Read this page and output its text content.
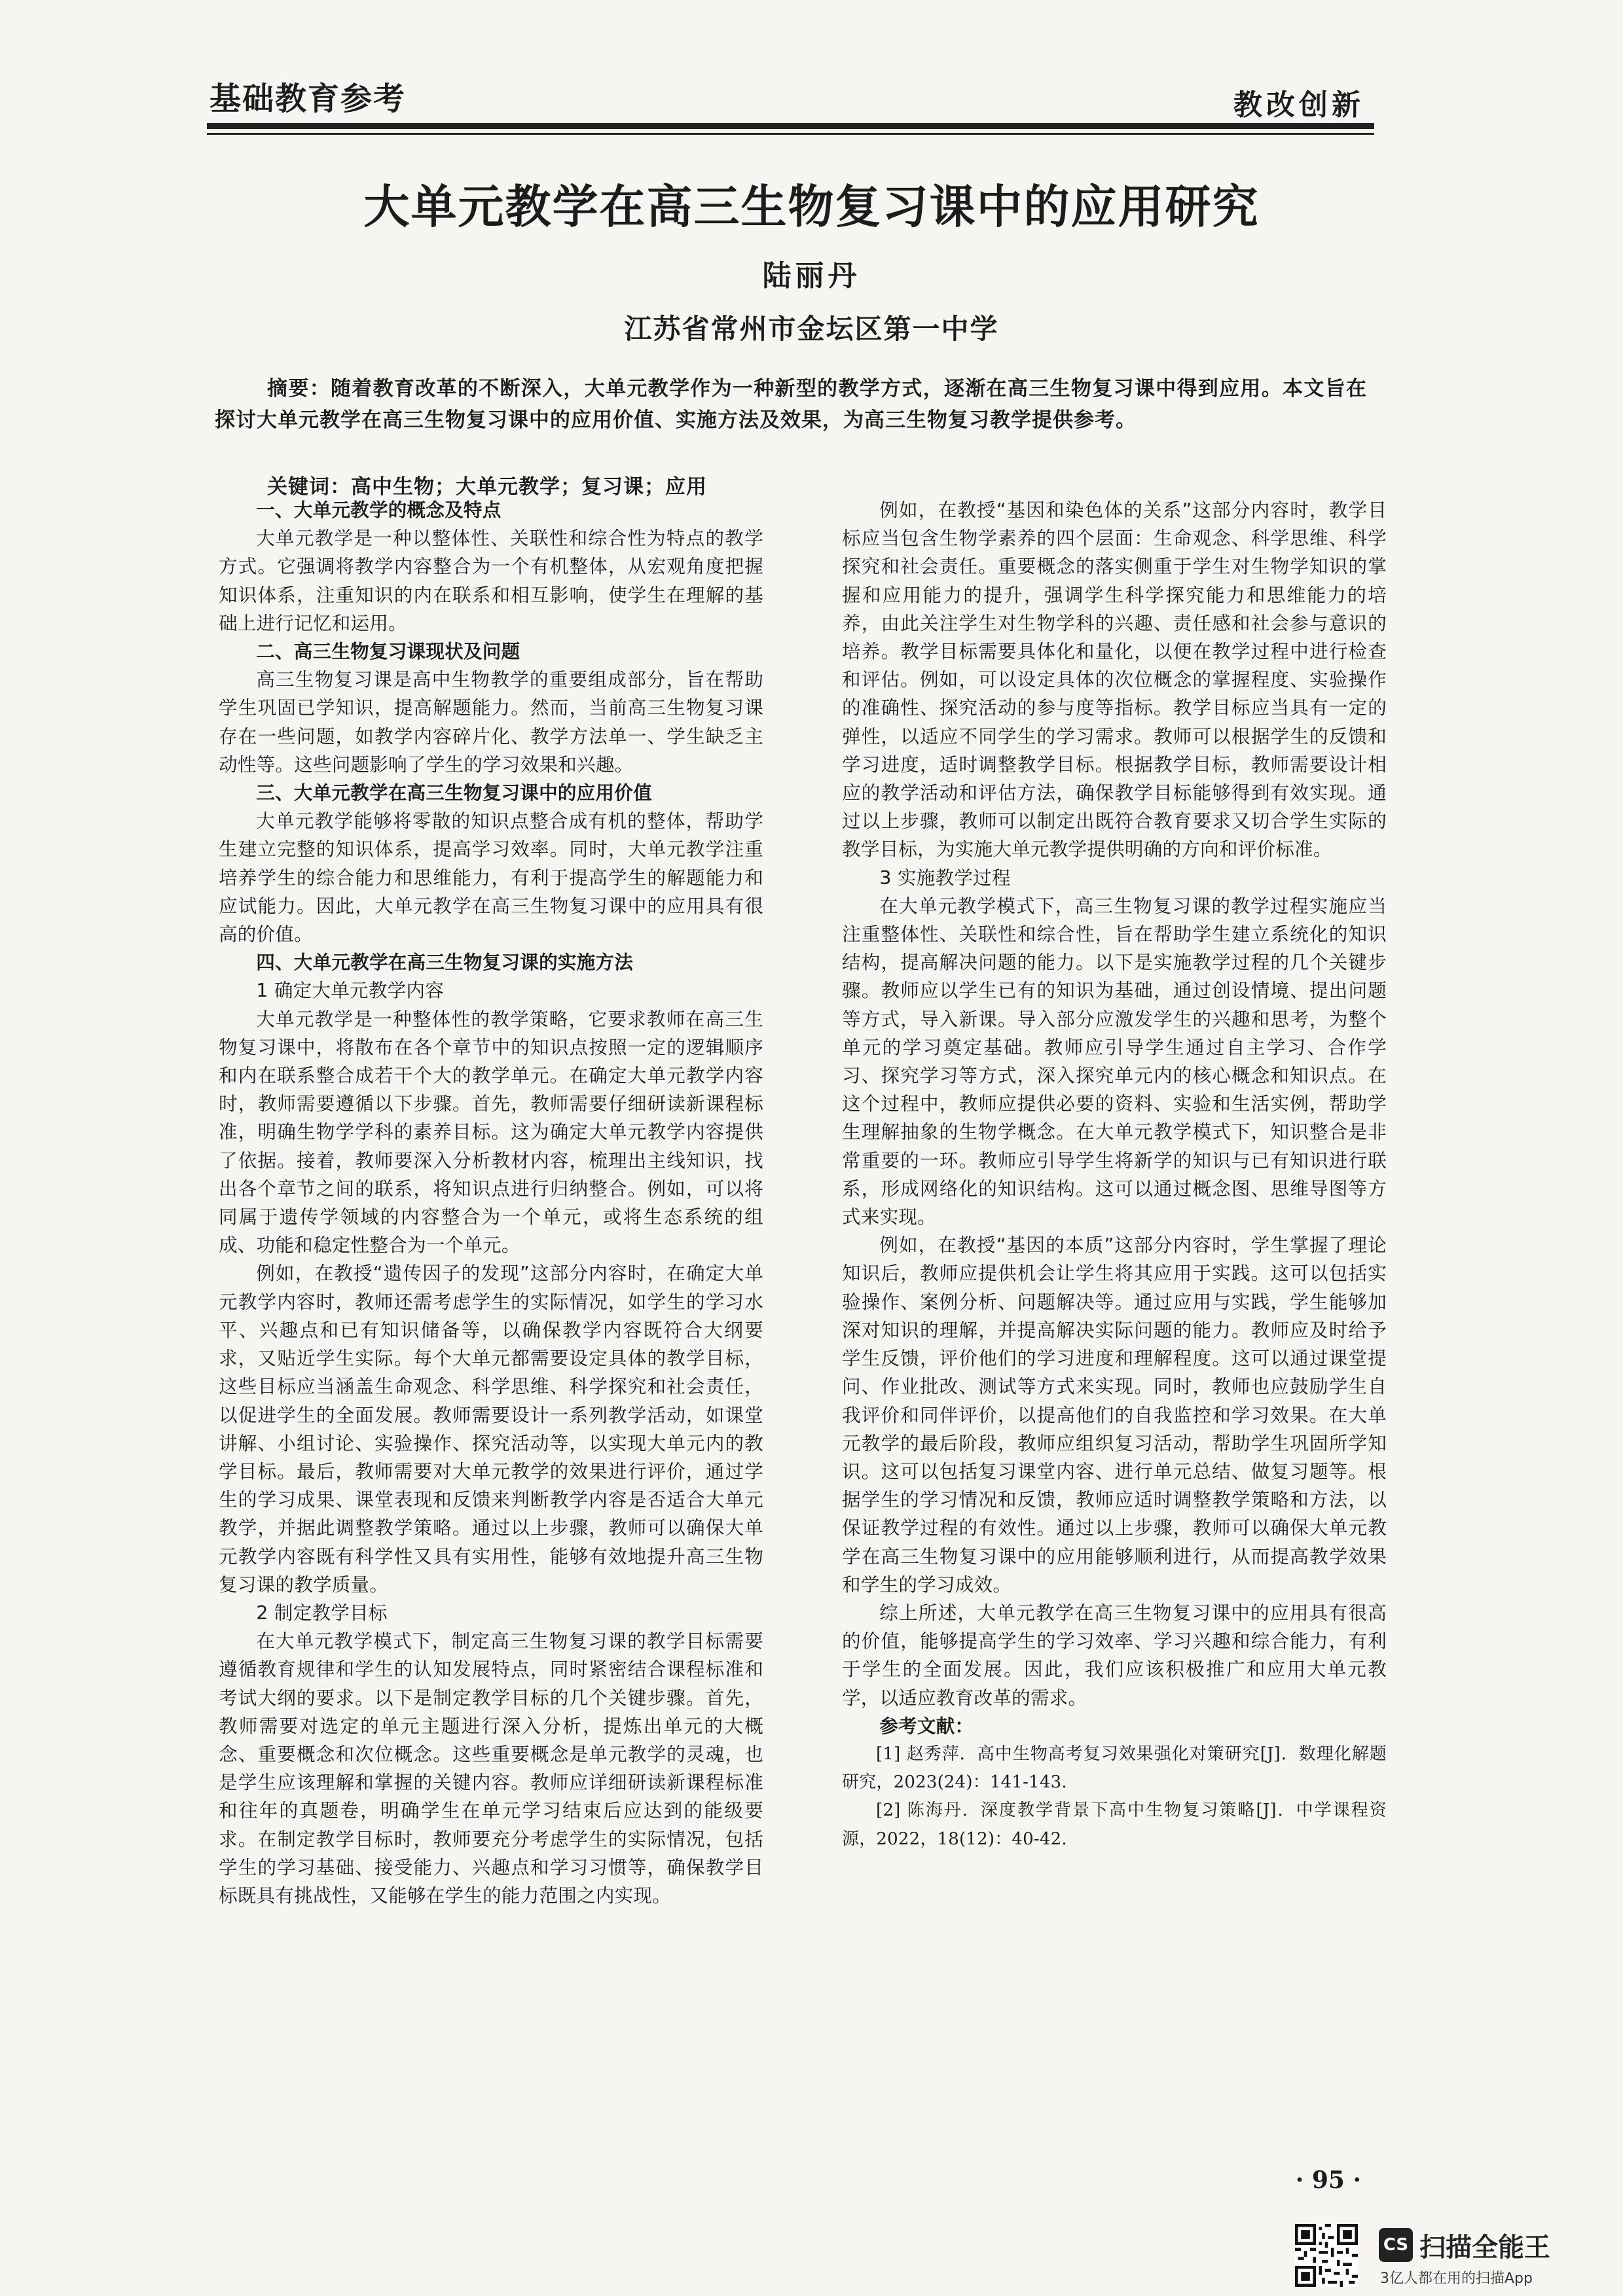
基础教育参考	教改创新
大单元教学在高三生物复习课中的应用研究
陆丽丹
江苏省常州市金坛区第一中学
摘要：随着教育改革的不断深入，大单元教学作为一种新型的教学方式，逐渐在高三生物复习课中得到应用。本文旨在探讨大单元教学在高三生物复习课中的应用价值、实施方法及效果，为高三生物复习教学提供参考。
关键词：高中生物；大单元教学；复习课；应用

一、大单元教学的概念及特点

大单元教学是一种以整体性、关联性和综合性为特点的教学方式。它强调将教学内容整合为一个有机整体，从宏观角度把握知识体系，注重知识的内在联系和相互影响，使学生在理解的基础上进行记忆和运用。

二、高三生物复习课现状及问题

高三生物复习课是高中生物教学的重要组成部分，旨在帮助学生巩固已学知识，提高解题能力。然而，当前高三生物复习课存在一些问题，如教学内容碎片化、教学方法单一、学生缺乏主动性等。这些问题影响了学生的学习效果和兴趣。

三、大单元教学在高三生物复习课中的应用价值

大单元教学能够将零散的知识点整合成有机的整体，帮助学生建立完整的知识体系，提高学习效率。同时，大单元教学注重培养学生的综合能力和思维能力，有利于提高学生的解题能力和应试能力。因此，大单元教学在高三生物复习课中的应用具有很高的价值。

四、大单元教学在高三生物复习课的实施方法

1 确定大单元教学内容

大单元教学是一种整体性的教学策略，它要求教师在高三生物复习课中，将散布在各个章节中的知识点按照一定的逻辑顺序和内在联系整合成若干个大的教学单元。在确定大单元教学内容时，教师需要遵循以下步骤。首先，教师需要仔细研读新课程标准，明确生物学学科的素养目标。这为确定大单元教学内容提供了依据。接着，教师要深入分析教材内容，梳理出主线知识，找出各个章节之间的联系，将知识点进行归纳整合。例如，可以将同属于遗传学领域的内容整合为一个单元，或将生态系统的组成、功能和稳定性整合为一个单元。

例如，在教授“遗传因子的发现”这部分内容时，在确定大单元教学内容时，教师还需考虑学生的实际情况，如学生的学习水平、兴趣点和已有知识储备等，以确保教学内容既符合大纲要求，又贴近学生实际。每个大单元都需要设定具体的教学目标，这些目标应当涵盖生命观念、科学思维、科学探究和社会责任，以促进学生的全面发展。教师需要设计一系列教学活动，如课堂讲解、小组讨论、实验操作、探究活动等，以实现大单元内的教学目标。最后，教师需要对大单元教学的效果进行评价，通过学生的学习成果、课堂表现和反馈来判断教学内容是否适合大单元教学，并据此调整教学策略。通过以上步骤，教师可以确保大单元教学内容既有科学性又具有实用性，能够有效地提升高三生物复习课的教学质量。

2 制定教学目标

在大单元教学模式下，制定高三生物复习课的教学目标需要遵循教育规律和学生的认知发展特点，同时紧密结合课程标准和考试大纲的要求。以下是制定教学目标的几个关键步骤。首先，教师需要对选定的单元主题进行深入分析，提炼出单元的大概念、重要概念和次位概念。这些重要概念是单元教学的灵魂，也是学生应该理解和掌握的关键内容。教师应详细研读新课程标准和往年的真题卷，明确学生在单元学习结束后应达到的能级要求。在制定教学目标时，教师要充分考虑学生的实际情况，包括学生的学习基础、接受能力、兴趣点和学习习惯等，确保教学目标既具有挑战性，又能够在学生的能力范围之内实现。

例如，在教授“基因和染色体的关系”这部分内容时，教学目标应当包含生物学素养的四个层面：生命观念、科学思维、科学探究和社会责任。重要概念的落实侧重于学生对生物学知识的掌握和应用能力的提升，强调学生科学探究能力和思维能力的培养，由此关注学生对生物学科的兴趣、责任感和社会参与意识的培养。教学目标需要具体化和量化，以便在教学过程中进行检查和评估。例如，可以设定具体的次位概念的掌握程度、实验操作的准确性、探究活动的参与度等指标。教学目标应当具有一定的弹性，以适应不同学生的学习需求。教师可以根据学生的反馈和学习进度，适时调整教学目标。根据教学目标，教师需要设计相应的教学活动和评估方法，确保教学目标能够得到有效实现。通过以上步骤，教师可以制定出既符合教育要求又切合学生实际的教学目标，为实施大单元教学提供明确的方向和评价标准。

3 实施教学过程

在大单元教学模式下，高三生物复习课的教学过程实施应当注重整体性、关联性和综合性，旨在帮助学生建立系统化的知识结构，提高解决问题的能力。以下是实施教学过程的几个关键步骤。教师应以学生已有的知识为基础，通过创设情境、提出问题等方式，导入新课。导入部分应激发学生的兴趣和思考，为整个单元的学习奠定基础。教师应引导学生通过自主学习、合作学习、探究学习等方式，深入探究单元内的核心概念和知识点。在这个过程中，教师应提供必要的资料、实验和生活实例，帮助学生理解抽象的生物学概念。在大单元教学模式下，知识整合是非常重要的一环。教师应引导学生将新学的知识与已有知识进行联系，形成网络化的知识结构。这可以通过概念图、思维导图等方式来实现。

例如，在教授“基因的本质”这部分内容时，学生掌握了理论知识后，教师应提供机会让学生将其应用于实践。这可以包括实验操作、案例分析、问题解决等。通过应用与实践，学生能够加深对知识的理解，并提高解决实际问题的能力。教师应及时给予学生反馈，评价他们的学习进度和理解程度。这可以通过课堂提问、作业批改、测试等方式来实现。同时，教师也应鼓励学生自我评价和同伴评价，以提高他们的自我监控和学习效果。在大单元教学的最后阶段，教师应组织复习活动，帮助学生巩固所学知识。这可以包括复习课堂内容、进行单元总结、做复习题等。根据学生的学习情况和反馈，教师应适时调整教学策略和方法，以保证教学过程的有效性。通过以上步骤，教师可以确保大单元教学在高三生物复习课中的应用能够顺利进行，从而提高教学效果和学生的学习成效。

综上所述，大单元教学在高三生物复习课中的应用具有很高的价值，能够提高学生的学习效率、学习兴趣和综合能力，有利于学生的全面发展。因此，我们应该积极推广和应用大单元教学，以适应教育改革的需求。

参考文献：

[1] 赵秀萍．高中生物高考复习效果强化对策研究[J]．数理化解题研究，2023(24)：141-143.

[2] 陈海丹．深度教学背景下高中生物复习策略[J]．中学课程资源，2022，18(12)：40-42.

· 95 ·
CS 扫描全能王
3亿人都在用的扫描App
